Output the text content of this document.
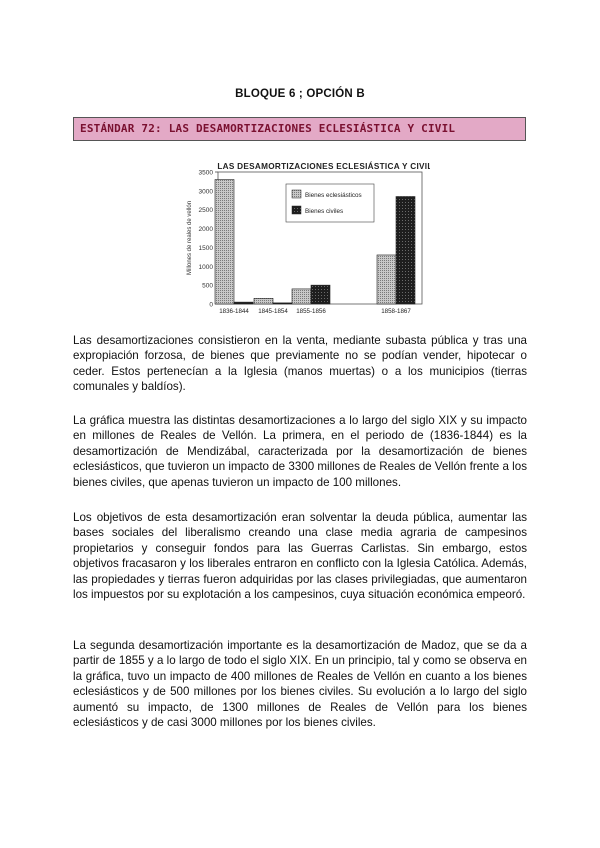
BLOQUE 6 ; OPCIÓN B
ESTÁNDAR 72: LAS DESAMORTIZACIONES ECLESIÁSTICA Y CIVIL
LAS DESAMORTIZACIONES ECLESIÁSTICA Y CIVIL
0
500
1000
1500
2000
2500
3000
3500
Millones de reales de vellón
1836-1844 1845-1854 1855-1856	1858-1867
Bienes eclesiásticos
Bienes civiles
Las desamortizaciones consistieron en la venta, mediante subasta pública y tras una expropiación forzosa, de bienes que previamente no se podían vender, hipotecar o ceder. Estos pertenecían a la Iglesia (manos muertas) o a los municipios (tierras comunales y baldíos).
La gráfica muestra las distintas desamortizaciones a lo largo del siglo XIX y su impacto en millones de Reales de Vellón. La primera, en el periodo de (1836-1844) es la desamortización de Mendizábal, caracterizada por la desamortización de bienes eclesiásticos, que tuvieron un impacto de 3300 millones de Reales de Vellón frente a los bienes civiles, que apenas tuvieron un impacto de 100 millones.
Los objetivos de esta desamortización eran solventar la deuda pública, aumentar las bases sociales del liberalismo creando una clase media agraria de campesinos propietarios y conseguir fondos para las Guerras Carlistas. Sin embargo, estos objetivos fracasaron y los liberales entraron en conflicto con la Iglesia Católica. Además, las propiedades y tierras fueron adquiridas por las clases privilegiadas, que aumentaron los impuestos por su explotación a los campesinos, cuya situación económica empeoró.
La segunda desamortización importante es la desamortización de Madoz, que se da a partir de 1855 y a lo largo de todo el siglo XIX. En un principio, tal y como se observa en la gráfica, tuvo un impacto de 400 millones de Reales de Vellón en cuanto a los bienes eclesiásticos y de 500 millones por los bienes civiles. Su evolución a lo largo del siglo aumentó su impacto, de 1300 millones de Reales de Vellón para los bienes eclesiásticos y de casi 3000 millones por los bienes civiles.
